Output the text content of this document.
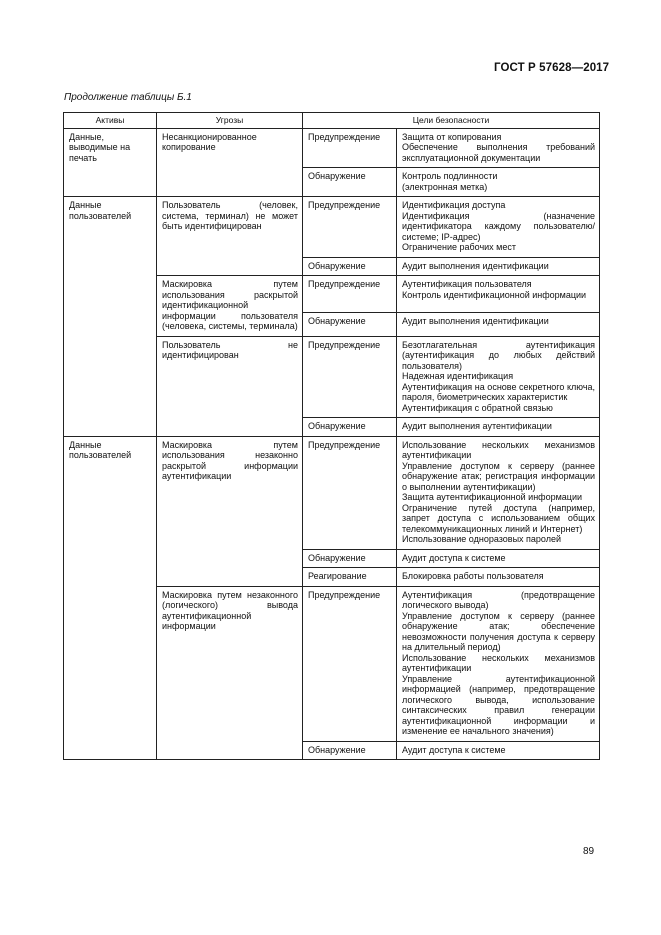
ГОСТ Р 57628—2017
Продолжение таблицы Б.1
Активы	Угрозы	Цели безопасности	
Данные, выводимые на печать	Несанкционированное копирование	Предупреждение	Защита от копирования
Обеспечение выполнения требований эксплуатационной документации
		Обнаружение	Контроль подлинности
(электронная метка)
Данные пользователей	Пользователь (человек, система, терминал) не может быть идентифицирован	Предупреждение	Идентификация доступа
Идентификация (назначение идентификатора каждому пользователю/системе; IP-адрес)
Ограничение рабочих мест
		Обнаружение	Аудит выполнения идентификации
	Маскировка путем использования раскрытой идентификационной информации пользователя (человека, системы, терминала)	Предупреждение	Аутентификация пользователя
Контроль идентификационной информации
		Обнаружение	Аудит выполнения идентификации
	Пользователь не идентифицирован	Предупреждение	Безотлагательная аутентификация (аутентификация до любых действий пользователя)
Надежная идентификация
Аутентификация на основе секретного ключа, пароля, биометрических характеристик
Аутентификация с обратной связью
		Обнаружение	Аудит выполнения аутентификации
Данные пользователей	Маскировка путем использования незаконно раскрытой информации аутентификации	Предупреждение	Использование нескольких механизмов аутентификации
Управление доступом к серверу (раннее обнаружение атак; регистрация информации о выполнении аутентификации)
Защита аутентификационной информации
Ограничение путей доступа (например, запрет доступа с использованием общих телекоммуникационных линий и Интернет)
Использование одноразовых паролей
		Обнаружение	Аудит доступа к системе
		Реагирование	Блокировка работы пользователя
	Маскировка путем незаконного (логического) вывода аутентификационной информации	Предупреждение	Аутентификация (предотвращение логического вывода)
Управление доступом к серверу (раннее обнаружение атак; обеспечение невозможности получения доступа к серверу на длительный период)
Использование нескольких механизмов аутентификации
Управление аутентификационной информацией (например, предотвращение логического вывода, использование синтаксических правил генерации аутентификационной информации и изменение ее начального значения)
		Обнаружение	Аудит доступа к системе
89
